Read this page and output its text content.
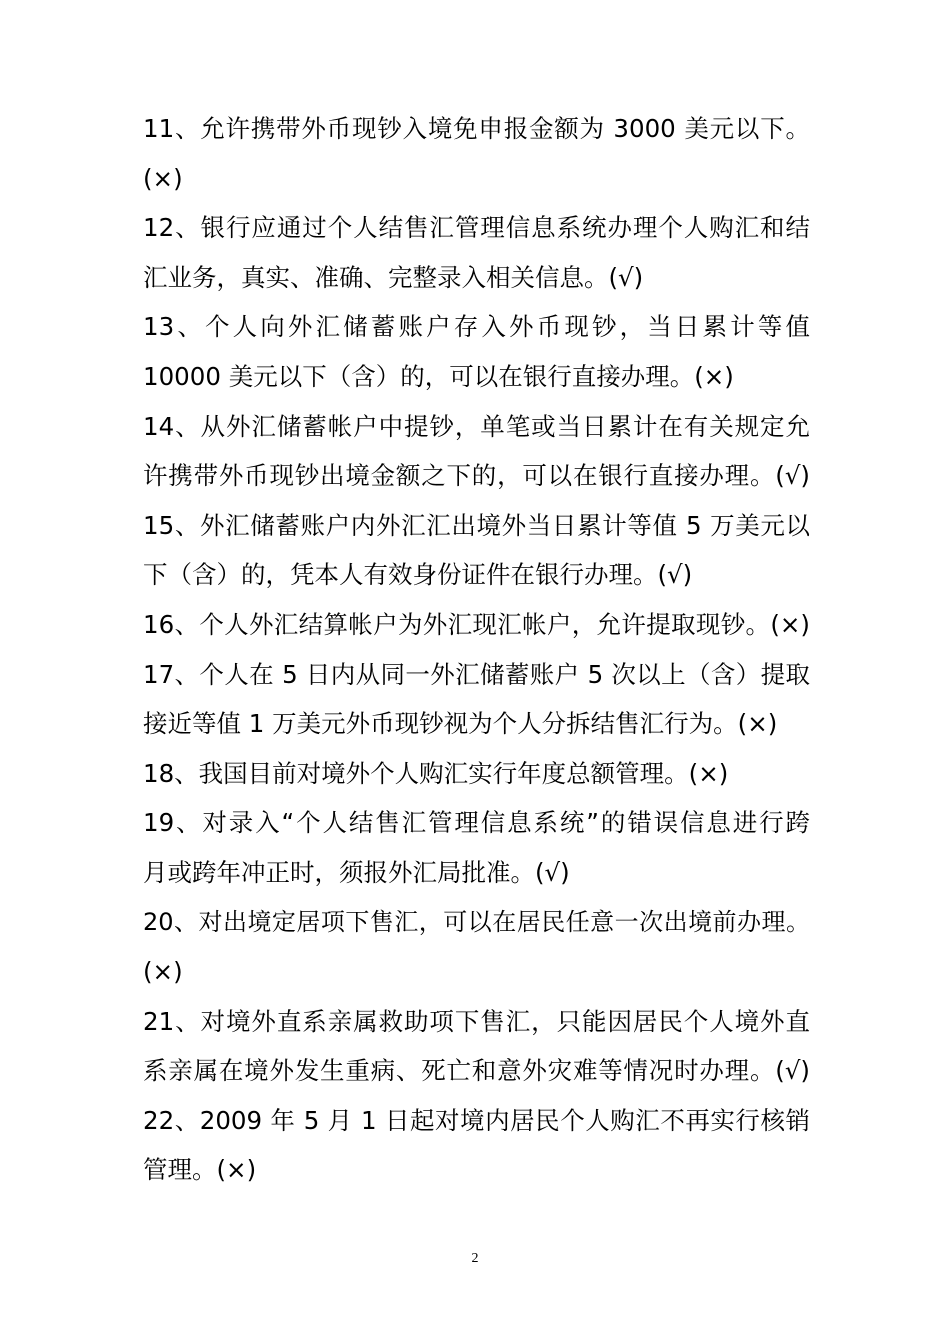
11、允许携带外币现钞入境免申报金额为 3000 美元以下。
(×)
12、银行应通过个人结售汇管理信息系统办理个人购汇和结
汇业务，真实、准确、完整录入相关信息。(√)
13、个人向外汇储蓄账户存入外币现钞，当日累计等值
10000 美元以下（含）的，可以在银行直接办理。(×)
14、从外汇储蓄帐户中提钞，单笔或当日累计在有关规定允
许携带外币现钞出境金额之下的，可以在银行直接办理。(√)
15、外汇储蓄账户内外汇汇出境外当日累计等值 5 万美元以
下（含）的，凭本人有效身份证件在银行办理。(√)
16、个人外汇结算帐户为外汇现汇帐户，允许提取现钞。(×)
17、个人在 5 日内从同一外汇储蓄账户 5 次以上（含）提取
接近等值 1 万美元外币现钞视为个人分拆结售汇行为。(×)
18、我国目前对境外个人购汇实行年度总额管理。(×)
19、对录入“个人结售汇管理信息系统”的错误信息进行跨
月或跨年冲正时，须报外汇局批准。(√)
20、对出境定居项下售汇，可以在居民任意一次出境前办理。
(×)
21、对境外直系亲属救助项下售汇，只能因居民个人境外直
系亲属在境外发生重病、死亡和意外灾难等情况时办理。(√)
22、2009 年 5 月 1 日起对境内居民个人购汇不再实行核销
管理。(×)
2
